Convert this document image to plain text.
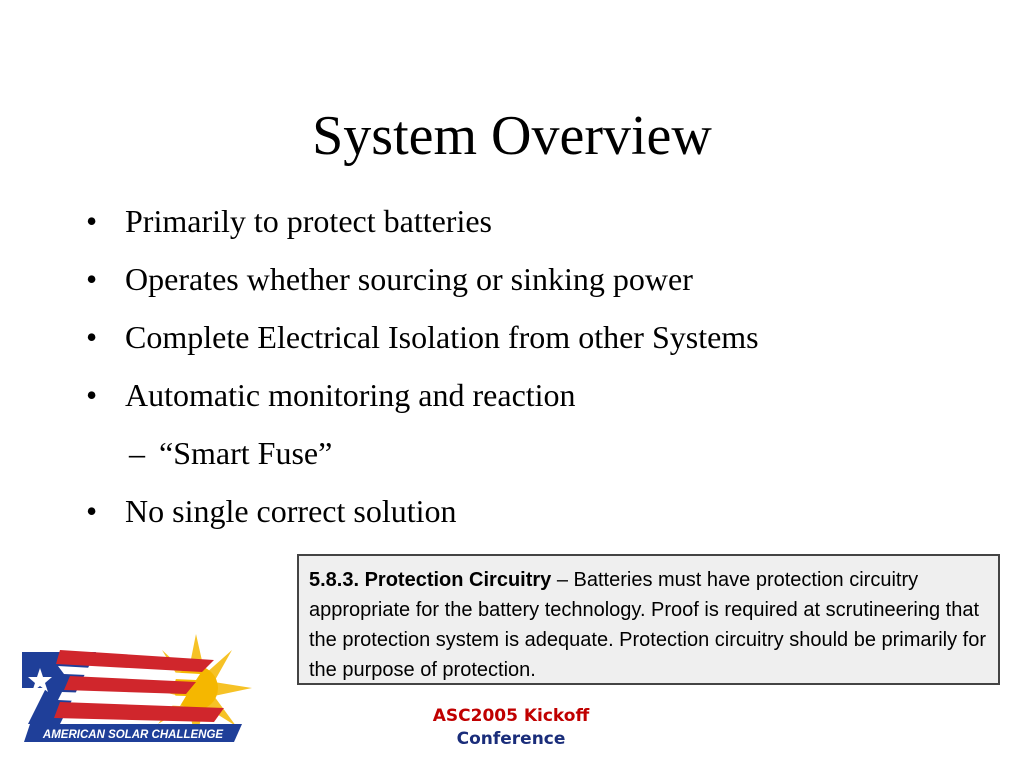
System Overview
• Primarily to protect batteries
• Operates whether sourcing or sinking power
• Complete Electrical Isolation from other Systems
• Automatic monitoring and reaction
– “Smart Fuse”
• No single correct solution
5.8.3. Protection Circuitry – Batteries must have protection circuitry appropriate for the battery technology. Proof is required at scrutineering that the protection system is adequate. Protection circuitry should be primarily for the purpose of protection.
AMERICAN SOLAR CHALLENGE
ASC2005 Kickoff
Conference
